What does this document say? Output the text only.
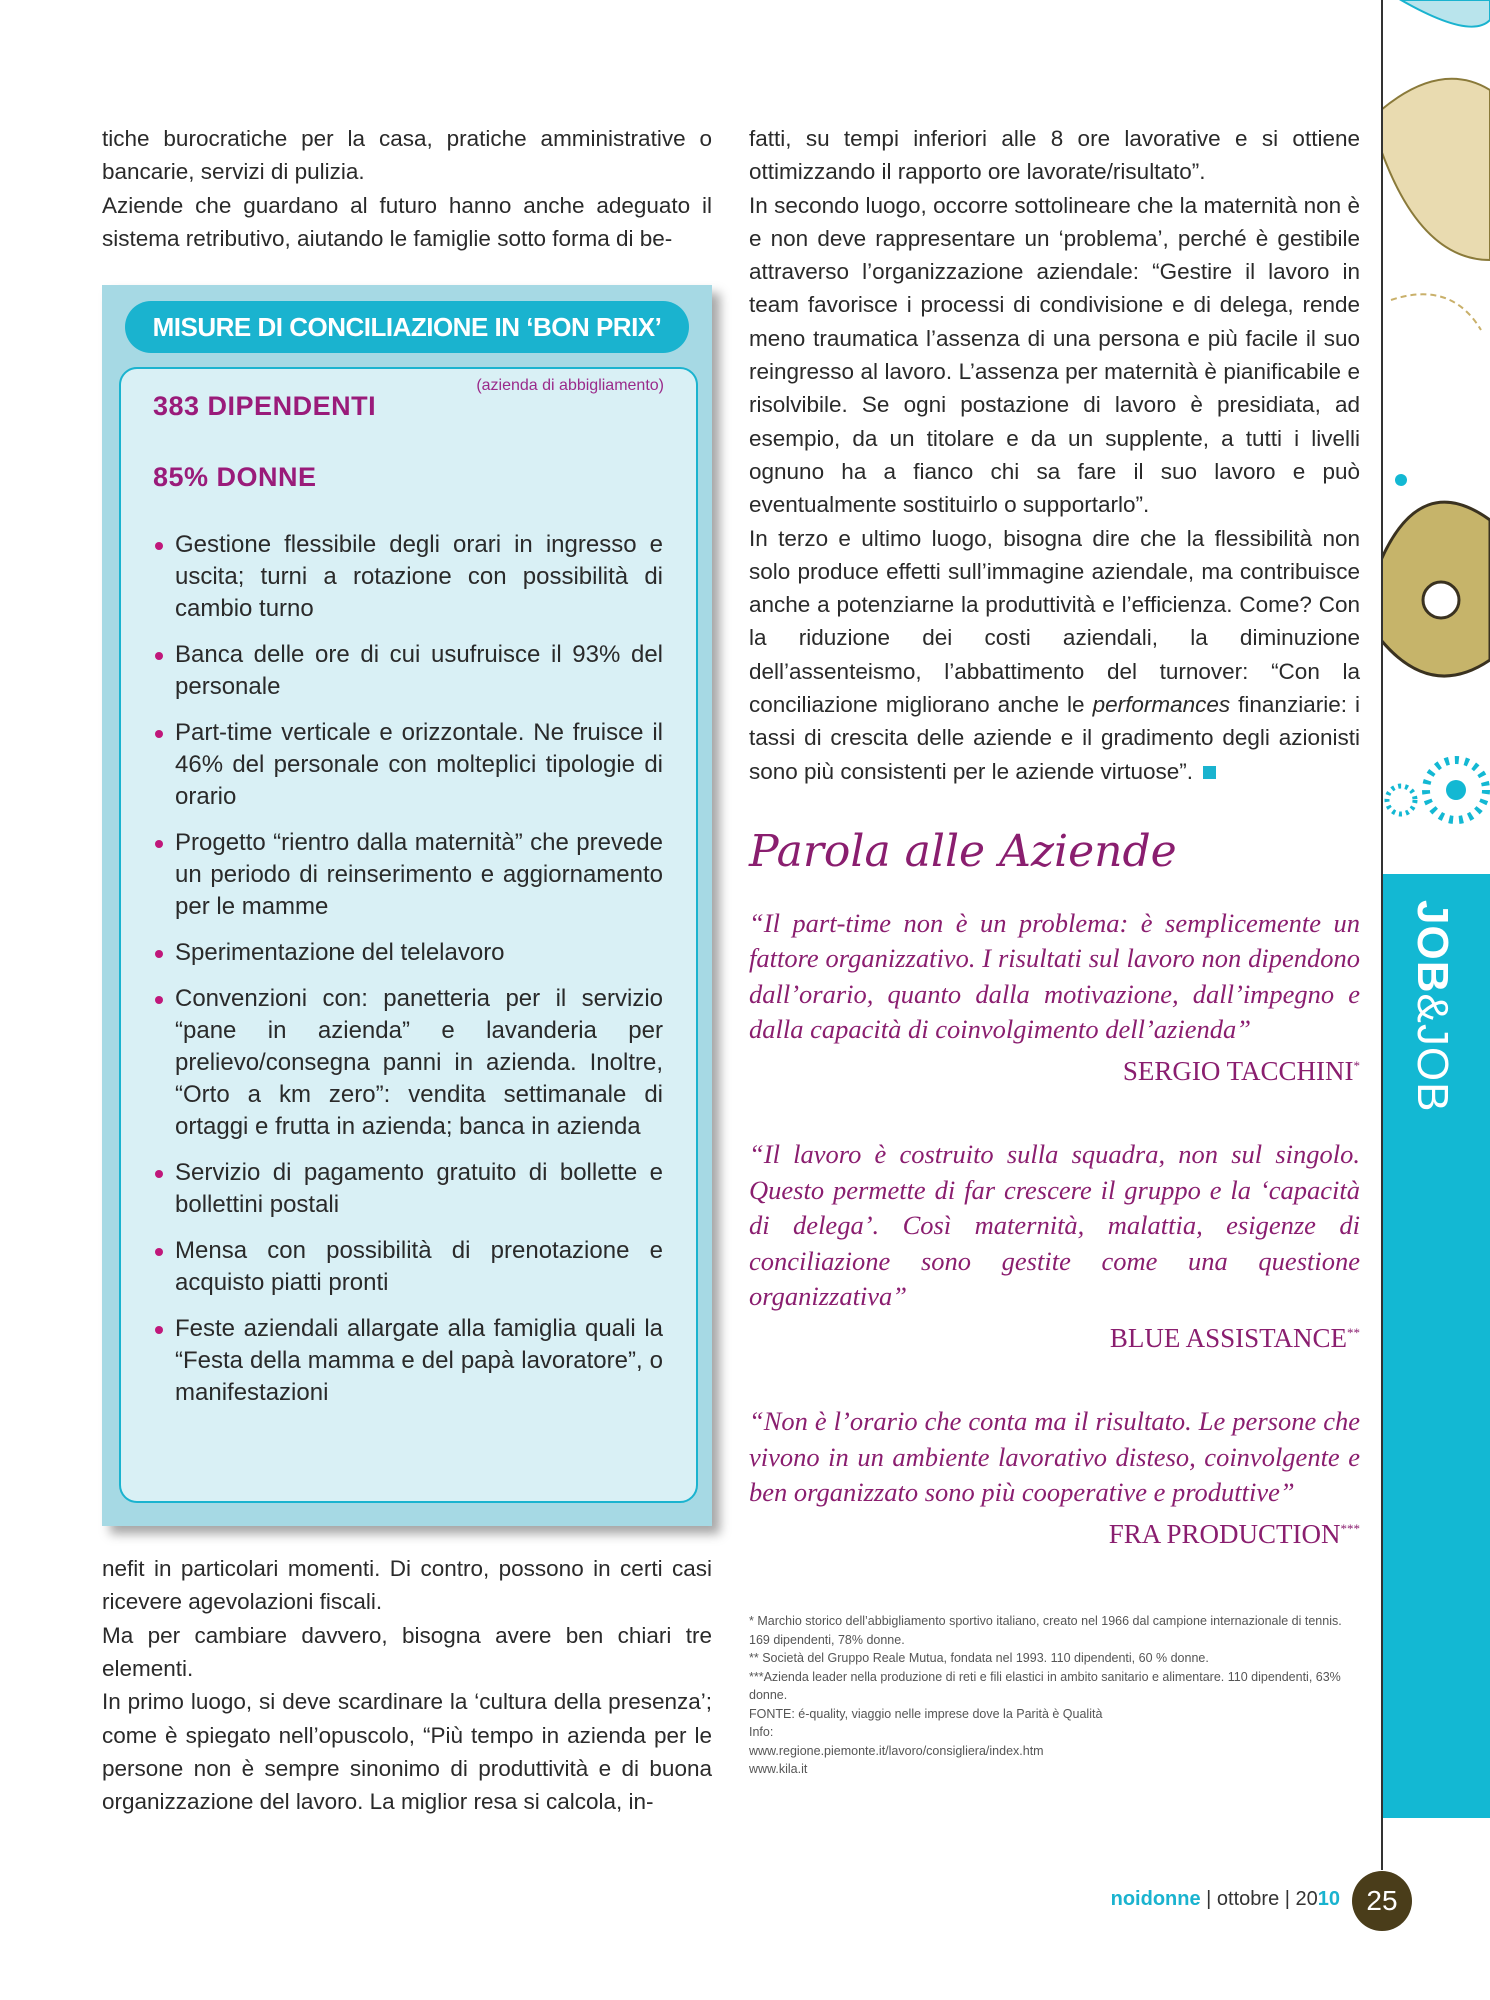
tiche burocratiche per la casa, pratiche amministrative o bancarie, servizi di pulizia.

Aziende che guardano al futuro hanno anche adeguato il sistema retributivo, aiutando le famiglie sotto forma di be-

MISURE DI CONCILIAZIONE IN ‘BON PRIX’
383 DIPENDENTI
(azienda di abbigliamento)
85% DONNE
Gestione flessibile degli orari in ingresso e uscita; turni a rotazione con possibilità di cambio turno
Banca delle ore di cui usufruisce il 93% del personale
Part-time verticale e orizzontale. Ne fruisce il 46% del personale con molteplici tipologie di orario
Progetto “rientro dalla maternità” che prevede un periodo di reinserimento e aggiornamento per le mamme
Sperimentazione del telelavoro
Convenzioni con: panetteria per il servizio “pane in azienda” e lavanderia per prelievo/consegna panni in azienda. Inoltre, “Orto a km zero”: vendita settimanale di ortaggi e frutta in azienda; banca in azienda
Servizio di pagamento gratuito di bollette e bollettini postali
Mensa con possibilità di prenotazione e acquisto piatti pronti
Feste aziendali allargate alla famiglia quali la “Festa della mamma e del papà lavoratore”, o manifestazioni

nefit in particolari momenti. Di contro, possono in certi casi ricevere agevolazioni fiscali.

Ma per cambiare davvero, bisogna avere ben chiari tre elementi.

In primo luogo, si deve scardinare la ‘cultura della presenza’; come è spiegato nell’opuscolo, “Più tempo in azienda per le persone non è sempre sinonimo di produttività e di buona organizzazione del lavoro. La miglior resa si calcola, in-

fatti, su tempi inferiori alle 8 ore lavorative e si ottiene ottimizzando il rapporto ore lavorate/risultato”.

In secondo luogo, occorre sottolineare che la maternità non è e non deve rappresentare un ‘problema’, perché è gestibile attraverso l’organizzazione aziendale: “Gestire il lavoro in team favorisce i processi di condivisione e di delega, rende meno traumatica l’assenza di una persona e più facile il suo reingresso al lavoro. L’assenza per maternità è pianificabile e risolvibile. Se ogni postazione di lavoro è presidiata, ad esempio, da un titolare e da un supplente, a tutti i livelli ognuno ha a fianco chi sa fare il suo lavoro e può eventualmente sostituirlo o supportarlo”.

In terzo e ultimo luogo, bisogna dire che la flessibilità non solo produce effetti sull’immagine aziendale, ma contribuisce anche a potenziarne la produttività e l’efficienza. Come? Con la riduzione dei costi aziendali, la diminuzione dell’assenteismo, l’abbattimento del turnover: “Con la conciliazione migliorano anche le performances finanziarie: i tassi di crescita delle aziende e il gradimento degli azionisti sono più consistenti per le aziende virtuose”.

Parola alle Aziende
“Il part-time non è un problema: è semplicemente un fattore organizzativo. I risultati sul lavoro non dipendono dall’orario, quanto dalla motivazione, dall’impegno e dalla capacità di coinvolgimento dell’azienda”
SERGIO TACCHINI*
“Il lavoro è costruito sulla squadra, non sul singolo. Questo permette di far crescere il gruppo e la ‘capacità di delega’. Così maternità, malattia, esigenze di conciliazione sono gestite come una questione organizzativa”
BLUE ASSISTANCE**
“Non è l’orario che conta ma il risultato. Le persone che vivono in un ambiente lavorativo disteso, coinvolgente e ben organizzato sono più cooperative e produttive”
FRA PRODUCTION***
* Marchio storico dell’abbigliamento sportivo italiano, creato nel 1966 dal campione internazionale di tennis. 169 dipendenti, 78% donne.
** Società del Gruppo Reale Mutua, fondata nel 1993. 110 dipendenti, 60 % donne.
***Azienda leader nella produzione di reti e fili elastici in ambito sanitario e alimentare. 110 dipendenti, 63% donne.
FONTE: é-quality, viaggio nelle imprese dove la Parità è Qualità
Info:
www.regione.piemonte.it/lavoro/consigliera/index.htm
www.kila.it
JOB&JOB
noidonne | ottobre | 2010 25
